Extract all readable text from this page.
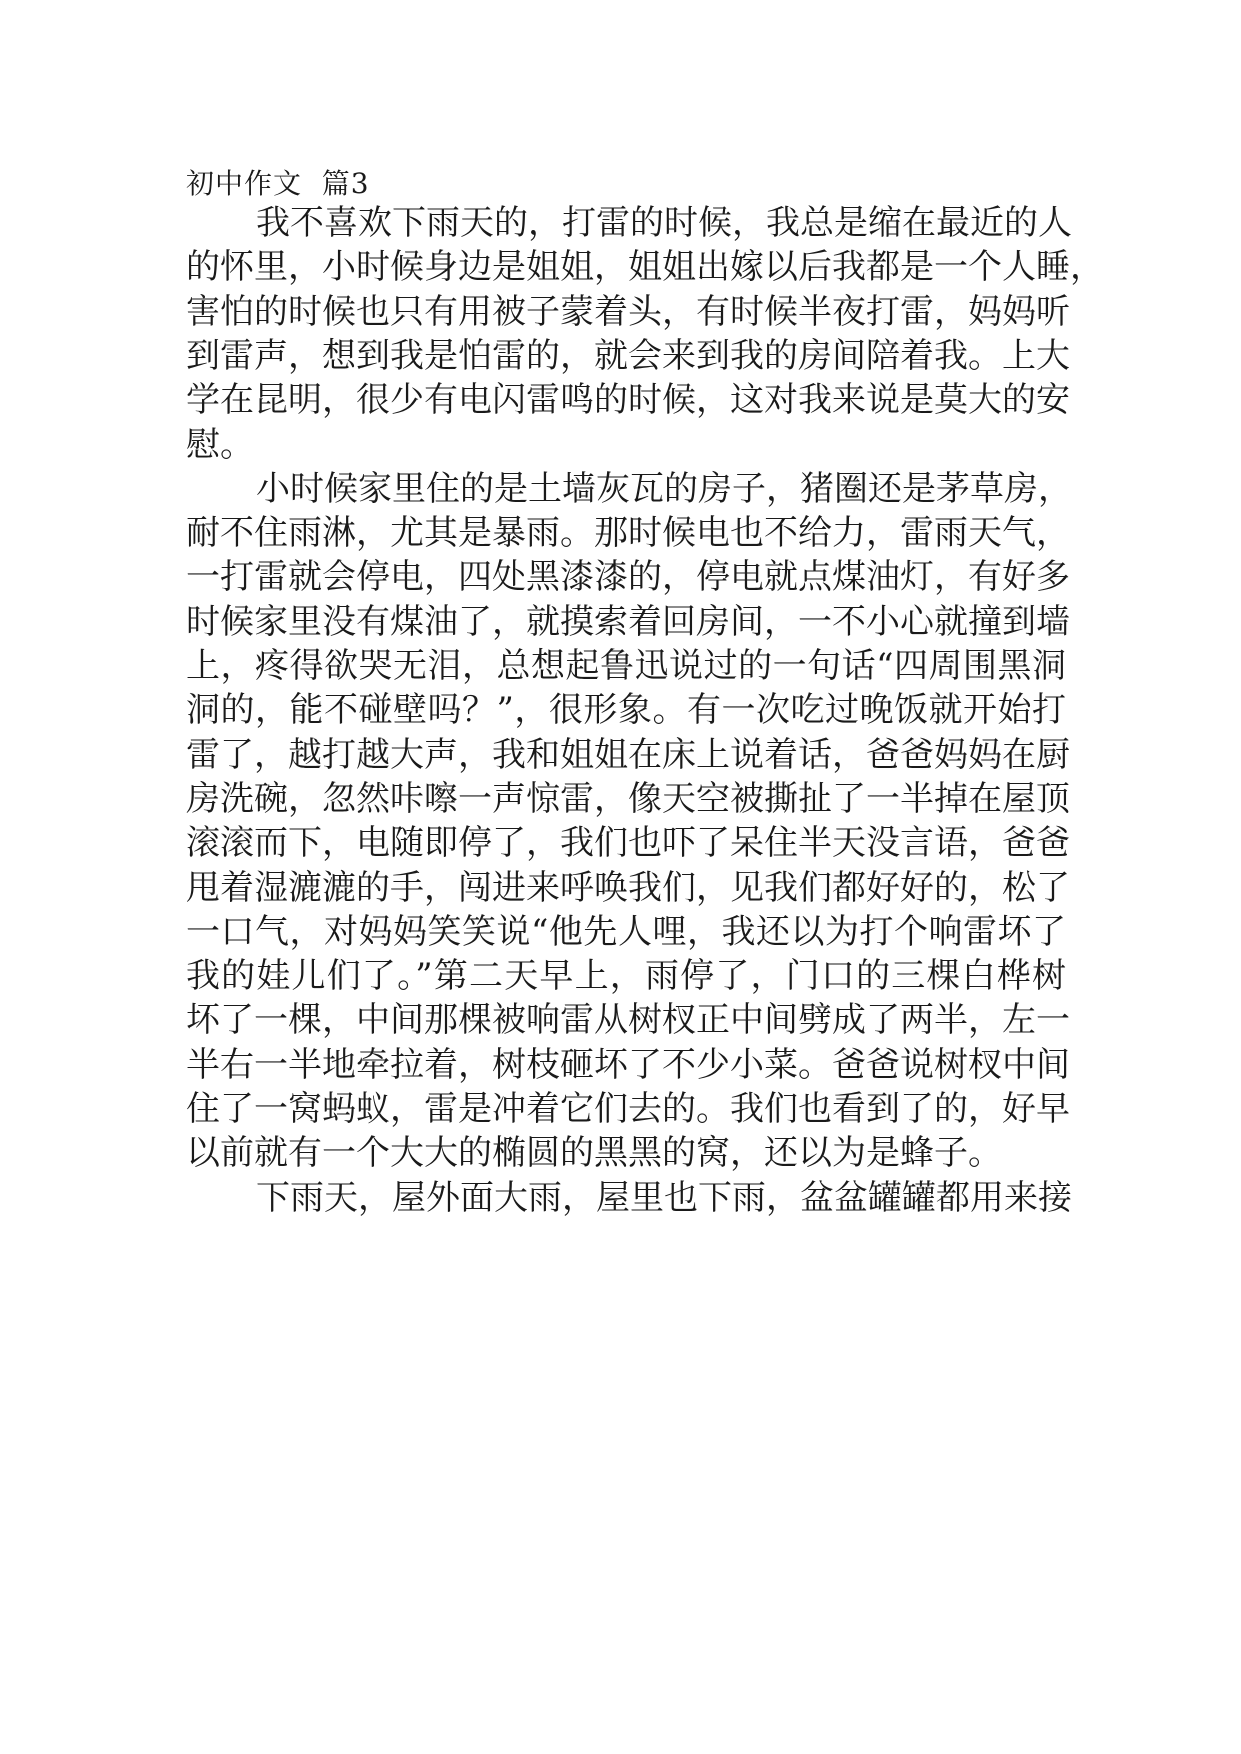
初中作文  篇3
我不喜欢下雨天的，打雷的时候，我总是缩在最近的人
的怀里，小时候身边是姐姐，姐姐出嫁以后我都是一个人睡，
害怕的时候也只有用被子蒙着头，有时候半夜打雷，妈妈听
到雷声，想到我是怕雷的，就会来到我的房间陪着我。上大
学在昆明，很少有电闪雷鸣的时候，这对我来说是莫大的安
慰。
小时候家里住的是土墙灰瓦的房子，猪圈还是茅草房，
耐不住雨淋，尤其是暴雨。那时候电也不给力，雷雨天气，
一打雷就会停电，四处黑漆漆的，停电就点煤油灯，有好多
时候家里没有煤油了，就摸索着回房间，一不小心就撞到墙
上，疼得欲哭无泪，总想起鲁迅说过的一句话“四周围黑洞
洞的，能不碰壁吗？”，很形象。有一次吃过晚饭就开始打
雷了，越打越大声，我和姐姐在床上说着话，爸爸妈妈在厨
房洗碗，忽然咔嚓一声惊雷，像天空被撕扯了一半掉在屋顶
滚滚而下，电随即停了，我们也吓了呆住半天没言语，爸爸
甩着湿漉漉的手，闯进来呼唤我们，见我们都好好的，松了
一口气，对妈妈笑笑说“他先人哩，我还以为打个响雷坏了
我的娃儿们了。”第二天早上，雨停了，门口的三棵白桦树
坏了一棵，中间那棵被响雷从树杈正中间劈成了两半，左一
半右一半地牵拉着，树枝砸坏了不少小菜。爸爸说树杈中间
住了一窝蚂蚁，雷是冲着它们去的。我们也看到了的，好早
以前就有一个大大的椭圆的黑黑的窝，还以为是蜂子。
下雨天，屋外面大雨，屋里也下雨，盆盆罐罐都用来接
